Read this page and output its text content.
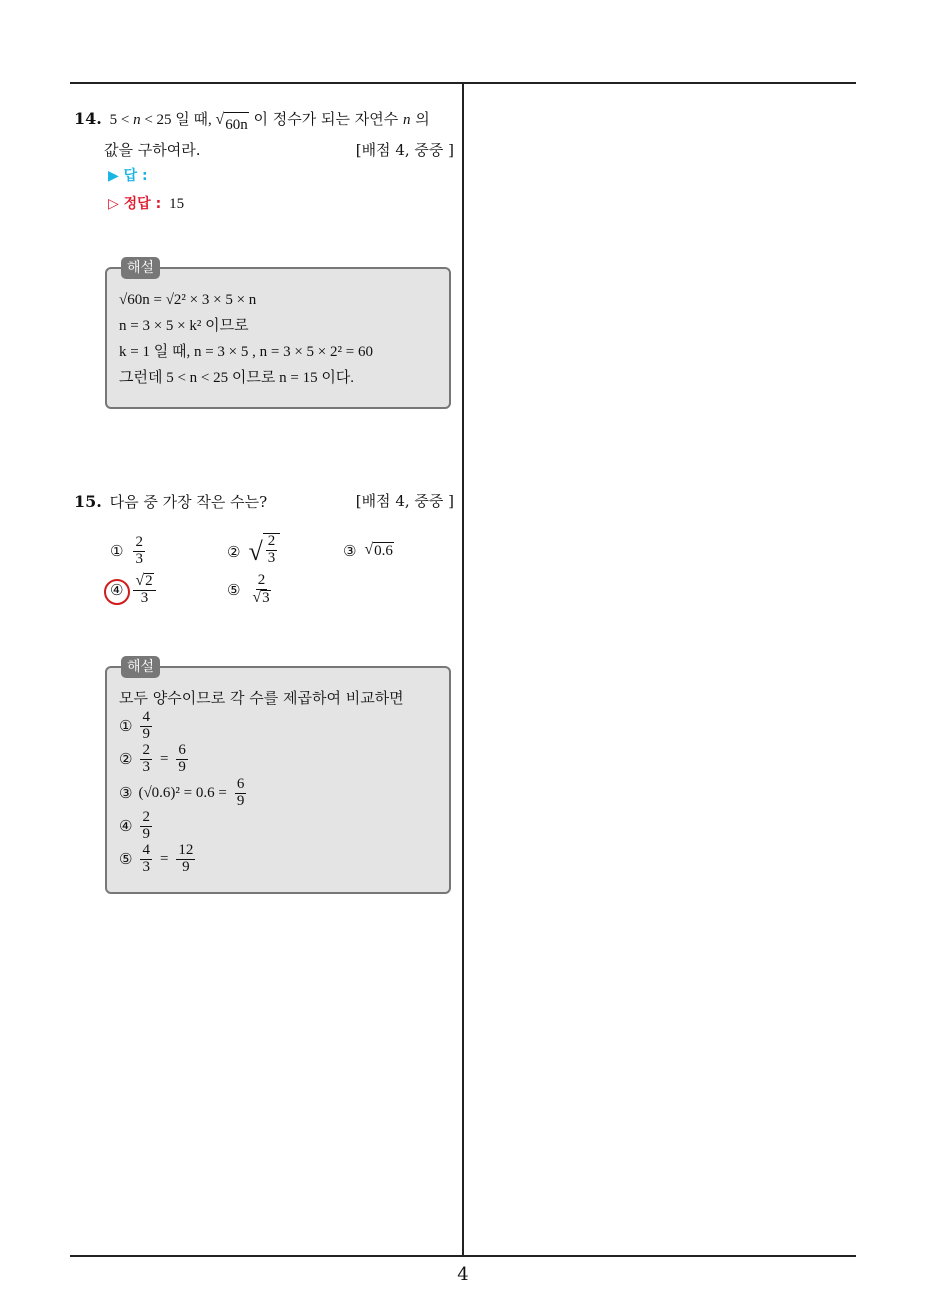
14. 5 < n < 25 일 때, √ 60n 이 정수가 되는 자연수 n 의
값을 구하여라.	[배점 4, 중중 ]
▶ 답 :
▷ 정답 : 15
해설
√60n = √2² × 3 × 5 × n
n = 3 × 5 × k² 이므로
k = 1 일 때, n = 3 × 5 , n = 3 × 5 × 2² = 60
그런데 5 < n < 25 이므로 n = 15 이다.
15. 다음 중 가장 작은 수는?	[배점 4, 중중 ]
① $\frac{2}{3}$	② √ $\frac{2}{3}$	③ √ 0.6
④ $\frac{√ 2}{3}$	⑤ $\frac{2}{√ 3}$
해설
모두 양수이므로 각 수를 제곱하여 비교하면
① $\frac{4}{9}$
② $\frac{2}{3} = \frac{6}{9}$
③ $(√0.6)^2 = 0.6 = \frac{6}{9}$
④ $\frac{2}{9}$
⑤ $\frac{4}{3} = \frac{12}{9}$
4
